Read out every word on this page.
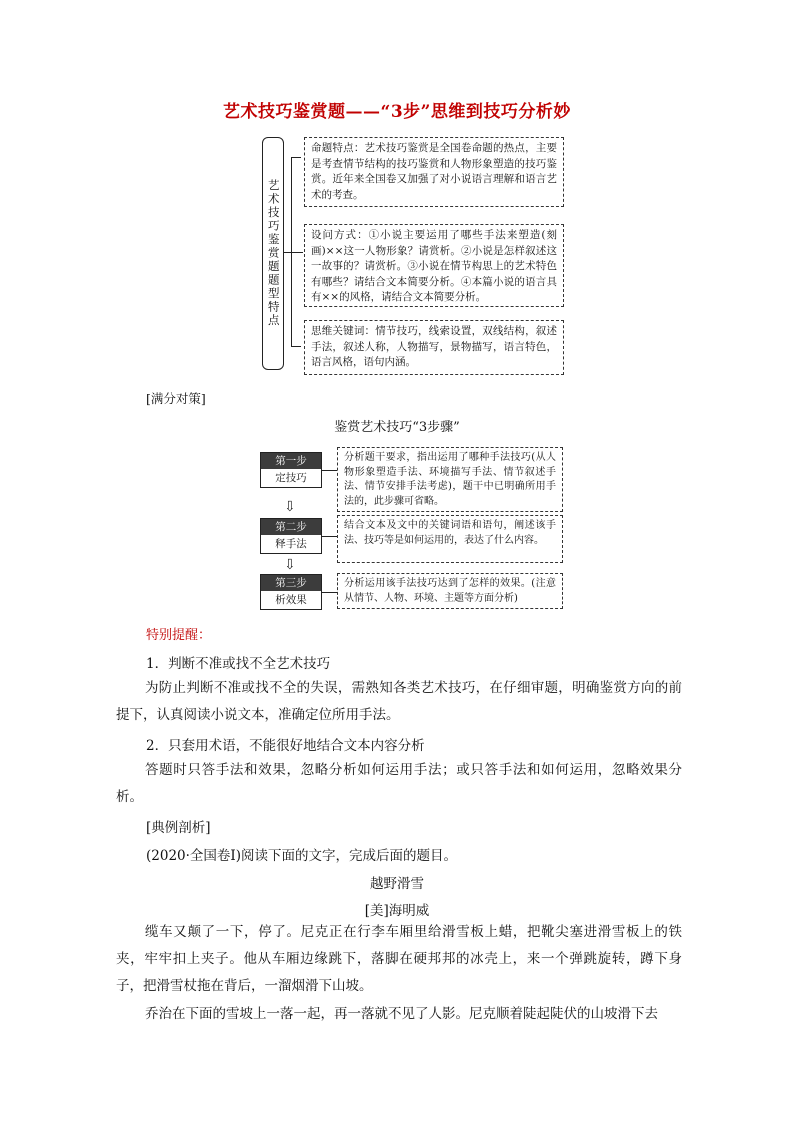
艺术技巧鉴赏题——“3步”思维到技巧分析妙
艺术技巧鉴赏题题型特点
命题特点：艺术技巧鉴赏是全国卷命题的热点，主要是考查情节结构的技巧鉴赏和人物形象塑造的技巧鉴赏。近年来全国卷又加强了对小说语言理解和语言艺术的考查。
设问方式：①小说主要运用了哪些手法来塑造(刻画)××这一人物形象？请赏析。②小说是怎样叙述这一故事的？请赏析。③小说在情节构思上的艺术特色有哪些？请结合文本简要分析。④本篇小说的语言具有××的风格，请结合文本简要分析。
思维关键词：情节技巧，线索设置，双线结构，叙述手法，叙述人称，人物描写，景物描写，语言特色，语言风格，语句内涵。
[满分对策]
鉴赏艺术技巧“3步骤”
第一步
定技巧
分析题干要求，指出运用了哪种手法技巧(从人物形象塑造手法、环境描写手法、情节叙述手法、情节安排手法考虑)，题干中已明确所用手法的，此步骤可省略。
⇩
第二步
释手法
结合文本及文中的关键词语和语句，阐述该手法、技巧等是如何运用的，表达了什么内容。
⇩
第三步
析效果
分析运用该手法技巧达到了怎样的效果。(注意从情节、人物、环境、主题等方面分析)
特别提醒：
1．判断不准或找不全艺术技巧
为防止判断不准或找不全的失误，需熟知各类艺术技巧，在仔细审题，明确鉴赏方向的前提下，认真阅读小说文本，准确定位所用手法。
2．只套用术语，不能很好地结合文本内容分析
答题时只答手法和效果，忽略分析如何运用手法；或只答手法和如何运用，忽略效果分析。
[典例剖析]
(2020·全国卷Ⅰ)阅读下面的文字，完成后面的题目。
越野滑雪
[美]海明威
缆车又颠了一下，停了。尼克正在行李车厢里给滑雪板上蜡，把靴尖塞进滑雪板上的铁夹，牢牢扣上夹子。他从车厢边缘跳下，落脚在硬邦邦的冰壳上，来一个弹跳旋转，蹲下身子，把滑雪杖拖在背后，一溜烟滑下山坡。
乔治在下面的雪坡上一落一起，再一落就不见了人影。尼克顺着陡起陡伏的山坡滑下去
